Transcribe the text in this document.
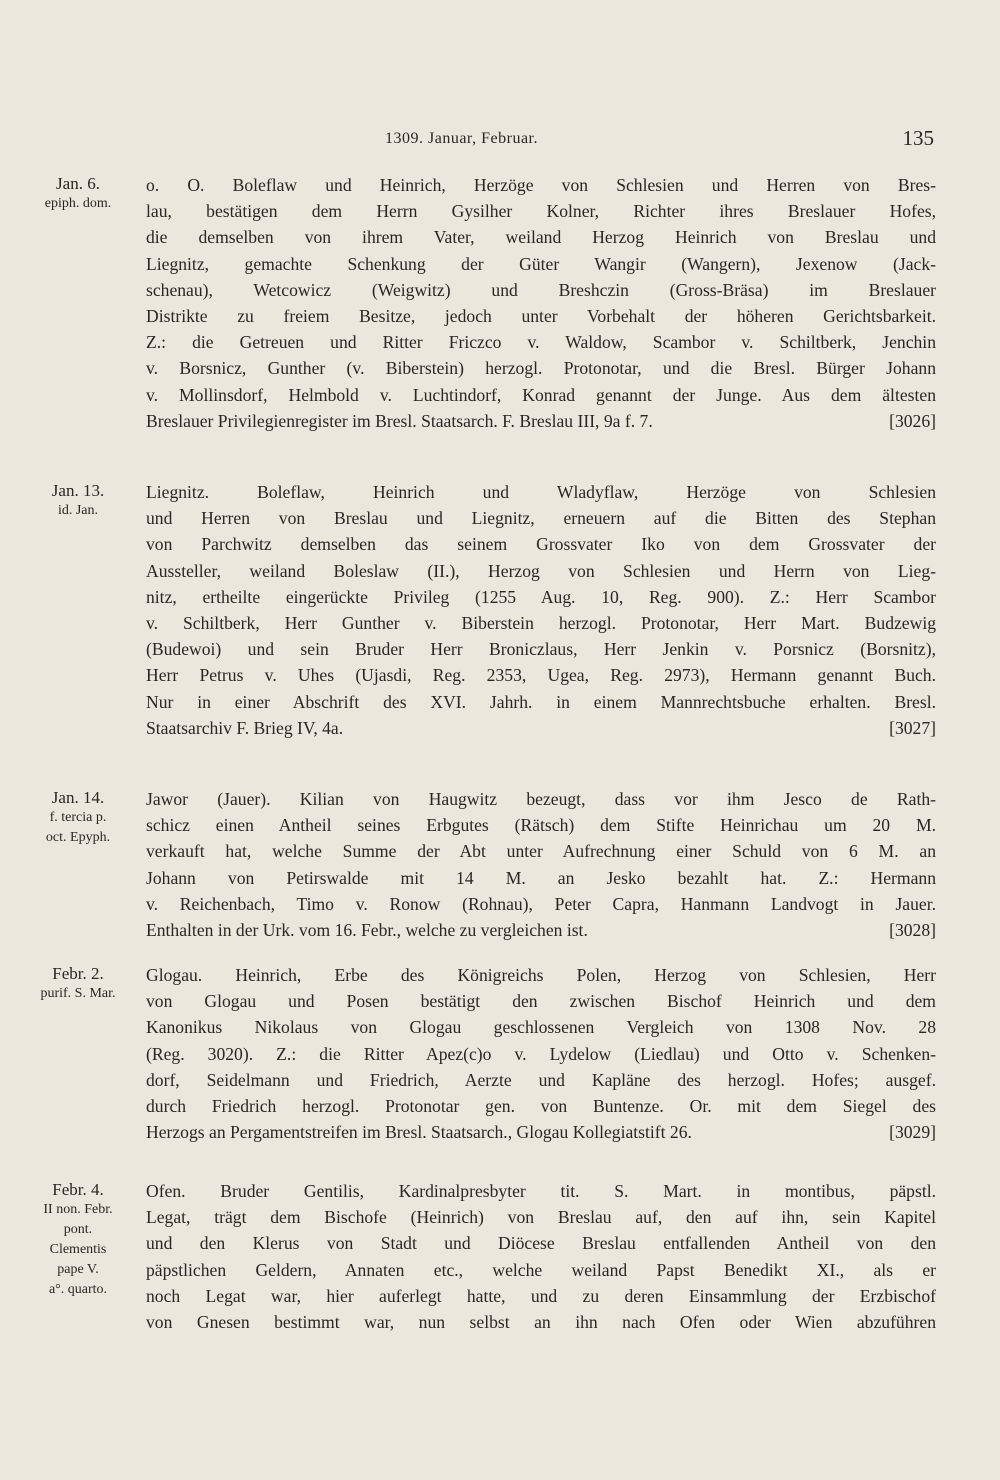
1309. Januar, Februar.	135
Jan. 6.
epiph. dom.
o. O. Boleflaw und Heinrich, Herzöge von Schlesien und Herren von Bres-
lau, bestätigen dem Herrn Gysilher Kolner, Richter ihres Breslauer Hofes,
die demselben von ihrem Vater, weiland Herzog Heinrich von Breslau und
Liegnitz, gemachte Schenkung der Güter Wangir (Wangern), Jexenow (Jack-
schenau), Wetcowicz (Weigwitz) und Breshczin (Gross-Bräsa) im Breslauer
Distrikte zu freiem Besitze, jedoch unter Vorbehalt der höheren Gerichtsbarkeit.
Z.: die Getreuen und Ritter Friczco v. Waldow, Scambor v. Schiltberk, Jenchin
v. Borsnicz, Gunther (v. Biberstein) herzogl. Protonotar, und die Bresl. Bürger Johann
v. Mollinsdorf, Helmbold v. Luchtindorf, Konrad genannt der Junge. Aus dem ältesten
[3026]
Breslauer Privilegienregister im Bresl. Staatsarch. F. Breslau III, 9a f. 7.
Jan. 13.
id. Jan.
Liegnitz. Boleflaw, Heinrich und Wladyflaw, Herzöge von Schlesien
und Herren von Breslau und Liegnitz, erneuern auf die Bitten des Stephan
von Parchwitz demselben das seinem Grossvater Iko von dem Grossvater der
Aussteller, weiland Boleslaw (II.), Herzog von Schlesien und Herrn von Lieg-
nitz, ertheilte eingerückte Privileg (1255 Aug. 10, Reg. 900). Z.: Herr Scambor
v. Schiltberk, Herr Gunther v. Biberstein herzogl. Protonotar, Herr Mart. Budzewig
(Budewoi) und sein Bruder Herr Broniczlaus, Herr Jenkin v. Porsnicz (Borsnitz),
Herr Petrus v. Uhes (Ujasdi, Reg. 2353, Ugea, Reg. 2973), Hermann genannt Buch.
Nur in einer Abschrift des XVI. Jahrh. in einem Mannrechtsbuche erhalten. Bresl.
[3027]
Staatsarchiv F. Brieg IV, 4a.
Jan. 14.
f. tercia p.
oct. Epyph.
Jawor (Jauer). Kilian von Haugwitz bezeugt, dass vor ihm Jesco de Rath-
schicz einen Antheil seines Erbgutes (Rätsch) dem Stifte Heinrichau um 20 M.
verkauft hat, welche Summe der Abt unter Aufrechnung einer Schuld von 6 M. an
Johann von Petirswalde mit 14 M. an Jesko bezahlt hat. Z.: Hermann
v. Reichenbach, Timo v. Ronow (Rohnau), Peter Capra, Hanmann Landvogt in Jauer.
[3028]
Enthalten in der Urk. vom 16. Febr., welche zu vergleichen ist.
Febr. 2.
purif. S. Mar.
Glogau. Heinrich, Erbe des Königreichs Polen, Herzog von Schlesien, Herr
von Glogau und Posen bestätigt den zwischen Bischof Heinrich und dem
Kanonikus Nikolaus von Glogau geschlossenen Vergleich von 1308 Nov. 28
(Reg. 3020). Z.: die Ritter Apez(c)o v. Lydelow (Liedlau) und Otto v. Schenken-
dorf, Seidelmann und Friedrich, Aerzte und Kapläne des herzogl. Hofes; ausgef.
durch Friedrich herzogl. Protonotar gen. von Buntenze. Or. mit dem Siegel des
[3029]
Herzogs an Pergamentstreifen im Bresl. Staatsarch., Glogau Kollegiatstift 26.
Febr. 4.
II non. Febr.
pont.
Clementis
pape V.
a°. quarto.
Ofen. Bruder Gentilis, Kardinalpresbyter tit. S. Mart. in montibus, päpstl.
Legat, trägt dem Bischofe (Heinrich) von Breslau auf, den auf ihn, sein Kapitel
und den Klerus von Stadt und Diöcese Breslau entfallenden Antheil von den
päpstlichen Geldern, Annaten etc., welche weiland Papst Benedikt XI., als er
noch Legat war, hier auferlegt hatte, und zu deren Einsammlung der Erzbischof
von Gnesen bestimmt war, nun selbst an ihn nach Ofen oder Wien abzuführen
